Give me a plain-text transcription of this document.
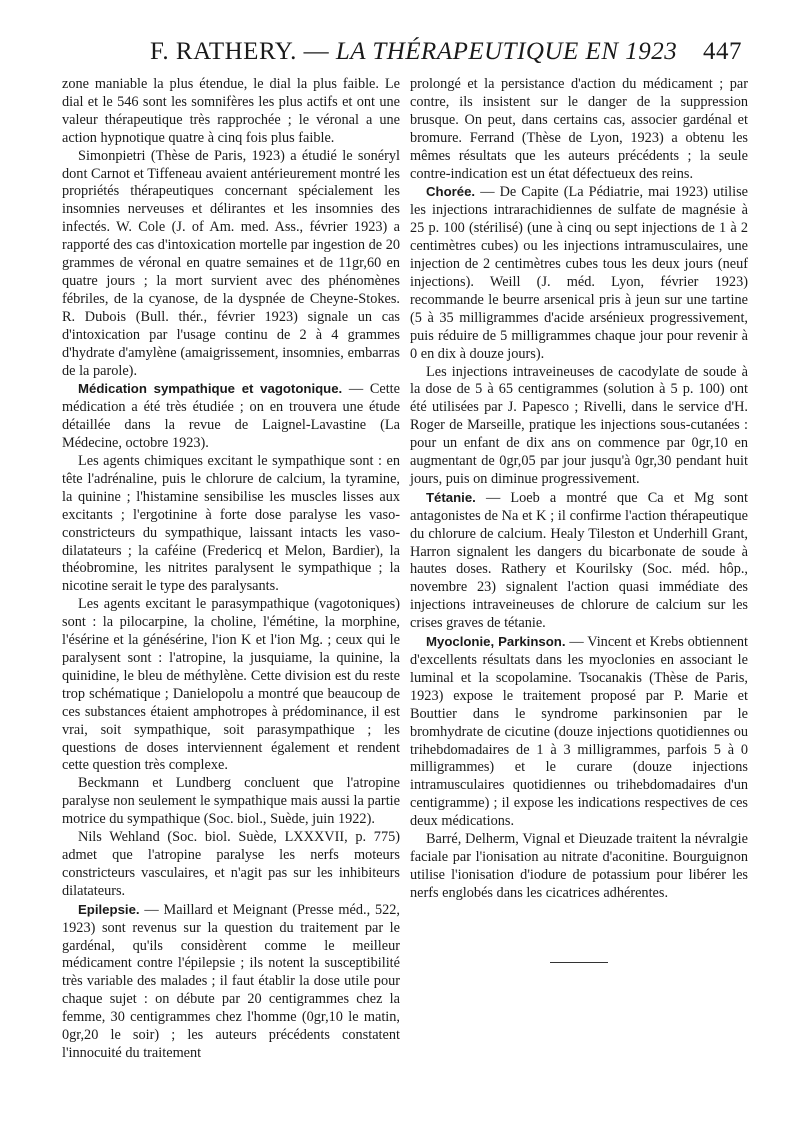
F. RATHERY. — LA THÉRAPEUTIQUE EN 1923 447

zone maniable la plus étendue, le dial la plus faible. Le dial et le 546 sont les somnifères les plus actifs et ont une valeur thérapeutique très rapprochée ; le véronal a une action hypnotique quatre à cinq fois plus faible.

Simonpietri (Thèse de Paris, 1923) a étudié le sonéryl dont Carnot et Tiffeneau avaient antérieurement montré les propriétés thérapeutiques concernant spécialement les insomnies nerveuses et délirantes et les insomnies des infectés. W. Cole (J. of Am. med. Ass., février 1923) a rapporté des cas d'intoxication mortelle par ingestion de 20 grammes de véronal en quatre semaines et de 11gr,60 en quatre jours ; la mort survient avec des phénomènes fébriles, de la cyanose, de la dyspnée de Cheyne-Stokes. R. Dubois (Bull. thér., février 1923) signale un cas d'intoxication par l'usage continu de 2 à 4 grammes d'hydrate d'amylène (amaigrissement, insomnies, embarras de la parole).

Médication sympathique et vagotonique. — Cette médication a été très étudiée ; on en trouvera une étude détaillée dans la revue de Laignel-Lavastine (La Médecine, octobre 1923).

Les agents chimiques excitant le sympathique sont : en tête l'adrénaline, puis le chlorure de calcium, la tyramine, la quinine ; l'histamine sensibilise les muscles lisses aux excitants ; l'ergotinine à forte dose paralyse les vaso-constricteurs du sympathique, laissant intacts les vaso-dilatateurs ; la caféine (Fredericq et Melon, Bardier), la théobromine, les nitrites paralysent le sympathique ; la nicotine serait le type des paralysants.

Les agents excitant le parasympathique (vagotoniques) sont : la pilocarpine, la choline, l'émétine, la morphine, l'ésérine et la génésérine, l'ion K et l'ion Mg. ; ceux qui le paralysent sont : l'atropine, la jusquiame, la quinine, la quinidine, le bleu de méthylène. Cette division est du reste trop schématique ; Danielopolu a montré que beaucoup de ces substances étaient amphotropes à prédominance, il est vrai, soit sympathique, soit parasympathique ; les questions de doses interviennent également et rendent cette question très complexe.

Beckmann et Lundberg concluent que l'atropine paralyse non seulement le sympathique mais aussi la partie motrice du sympathique (Soc. biol., Suède, juin 1922).

Nils Wehland (Soc. biol. Suède, LXXXVII, p. 775) admet que l'atropine paralyse les nerfs moteurs constricteurs vasculaires, et n'agit pas sur les inhibiteurs dilatateurs.

Epilepsie. — Maillard et Meignant (Presse méd., 522, 1923) sont revenus sur la question du traitement par le gardénal, qu'ils considèrent comme le meilleur médicament contre l'épilepsie ; ils notent la susceptibilité très variable des malades ; il faut établir la dose utile pour chaque sujet : on débute par 20 centigrammes chez la femme, 30 centigrammes chez l'homme (0gr,10 le matin, 0gr,20 le soir) ; les auteurs précédents constatent l'innocuité du traitement

prolongé et la persistance d'action du médicament ; par contre, ils insistent sur le danger de la suppression brusque. On peut, dans certains cas, associer gardénal et bromure. Ferrand (Thèse de Lyon, 1923) a obtenu les mêmes résultats que les auteurs précédents ; la seule contre-indication est un état défectueux des reins.

Chorée. — De Capite (La Pédiatrie, mai 1923) utilise les injections intrarachidiennes de sulfate de magnésie à 25 p. 100 (stérilisé) (une à cinq ou sept injections de 1 à 2 centimètres cubes) ou les injections intramusculaires, une injection de 2 centimètres cubes tous les deux jours (neuf injections). Weill (J. méd. Lyon, février 1923) recommande le beurre arsenical pris à jeun sur une tartine (5 à 35 milligrammes d'acide arsénieux progressivement, puis réduire de 5 milligrammes chaque jour pour revenir à 0 en dix à douze jours).

Les injections intraveineuses de cacodylate de soude à la dose de 5 à 65 centigrammes (solution à 5 p. 100) ont été utilisées par J. Papesco ; Rivelli, dans le service d'H. Roger de Marseille, pratique les injections sous-cutanées : pour un enfant de dix ans on commence par 0gr,10 en augmentant de 0gr,05 par jour jusqu'à 0gr,30 pendant huit jours, puis on diminue progressivement.

Tétanie. — Loeb a montré que Ca et Mg sont antagonistes de Na et K ; il confirme l'action thérapeutique du chlorure de calcium. Healy Tileston et Underhill Grant, Harron signalent les dangers du bicarbonate de soude à hautes doses. Rathery et Kourilsky (Soc. méd. hôp., novembre 23) signalent l'action quasi immédiate des injections intraveineuses de chlorure de calcium sur les crises graves de tétanie.

Myoclonie, Parkinson. — Vincent et Krebs obtiennent d'excellents résultats dans les myoclonies en associant le luminal et la scopolamine. Tsocanakis (Thèse de Paris, 1923) expose le traitement proposé par P. Marie et Bouttier dans le syndrome parkinsonien par le bromhydrate de cicutine (douze injections quotidiennes ou trihebdomadaires de 1 à 3 milligrammes, parfois 5 à 0 milligrammes) et le curare (douze injections intramusculaires quotidiennes ou trihebdomadaires d'un centigramme) ; il expose les indications respectives de ces deux médications.

Barré, Delherm, Vignal et Dieuzade traitent la névralgie faciale par l'ionisation au nitrate d'aconitine. Bourguignon utilise l'ionisation d'iodure de potassium pour libérer les nerfs englobés dans les cicatrices adhérentes.
